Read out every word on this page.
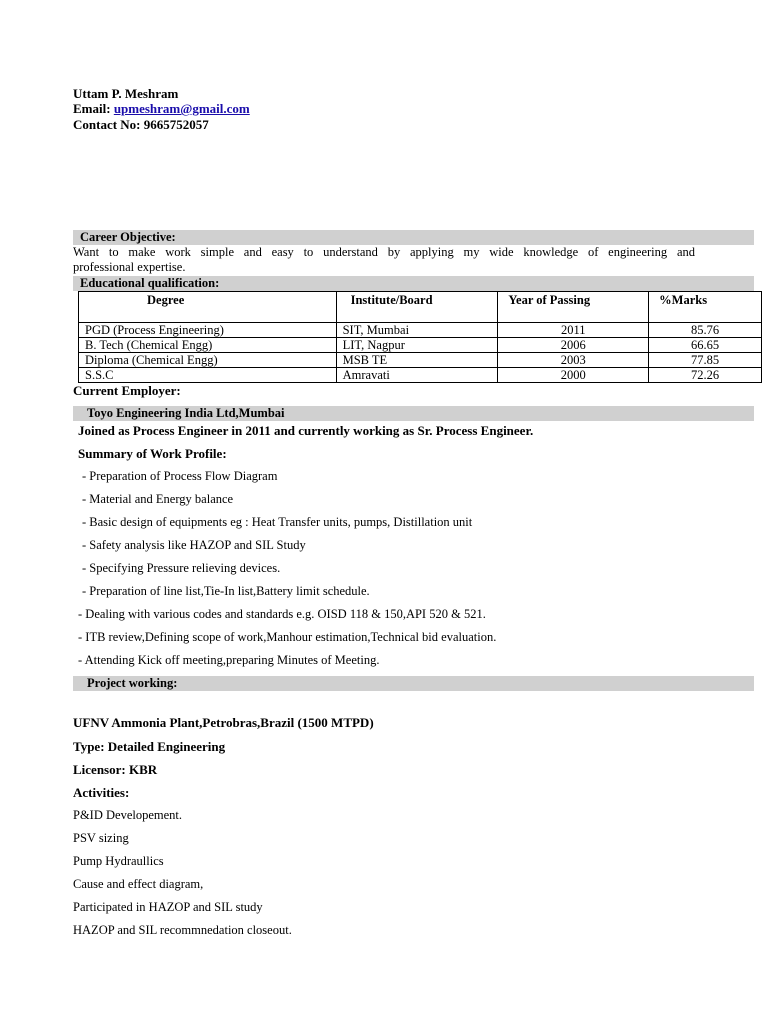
Uttam P. Meshram
Email: upmeshram@gmail.com
Contact No: 9665752057
Career Objective:
Want to make work simple and easy to understand by applying my wide knowledge of engineering and
professional expertise.
Educational qualification:
Degree	Institute/Board	Year of Passing	%Marks
PGD (Process Engineering)	SIT, Mumbai	2011	85.76
B. Tech (Chemical Engg)	LIT, Nagpur	2006	66.65
Diploma (Chemical Engg)	MSB TE	2003	77.85
S.S.C	Amravati	2000	72.26
Current Employer:
Toyo Engineering India Ltd,Mumbai
Joined as Process Engineer in 2011 and currently working as Sr. Process Engineer.
Summary of Work Profile:
- Preparation of Process Flow Diagram
- Material and Energy balance
- Basic design of equipments eg : Heat Transfer units, pumps, Distillation unit
- Safety analysis like HAZOP and SIL Study
- Specifying Pressure relieving devices.
- Preparation of line list,Tie-In list,Battery limit schedule.
- Dealing with various codes and standards e.g. OISD 118 & 150,API 520 & 521.
- ITB review,Defining scope of work,Manhour estimation,Technical bid evaluation.
- Attending Kick off meeting,preparing Minutes of Meeting.
Project working:
UFNV Ammonia Plant,Petrobras,Brazil (1500 MTPD)
Type: Detailed Engineering
Licensor: KBR
Activities:
P&ID Developement.
PSV sizing
Pump Hydraullics
Cause and effect diagram,
Participated in HAZOP and SIL study
HAZOP and SIL recommnedation closeout.
